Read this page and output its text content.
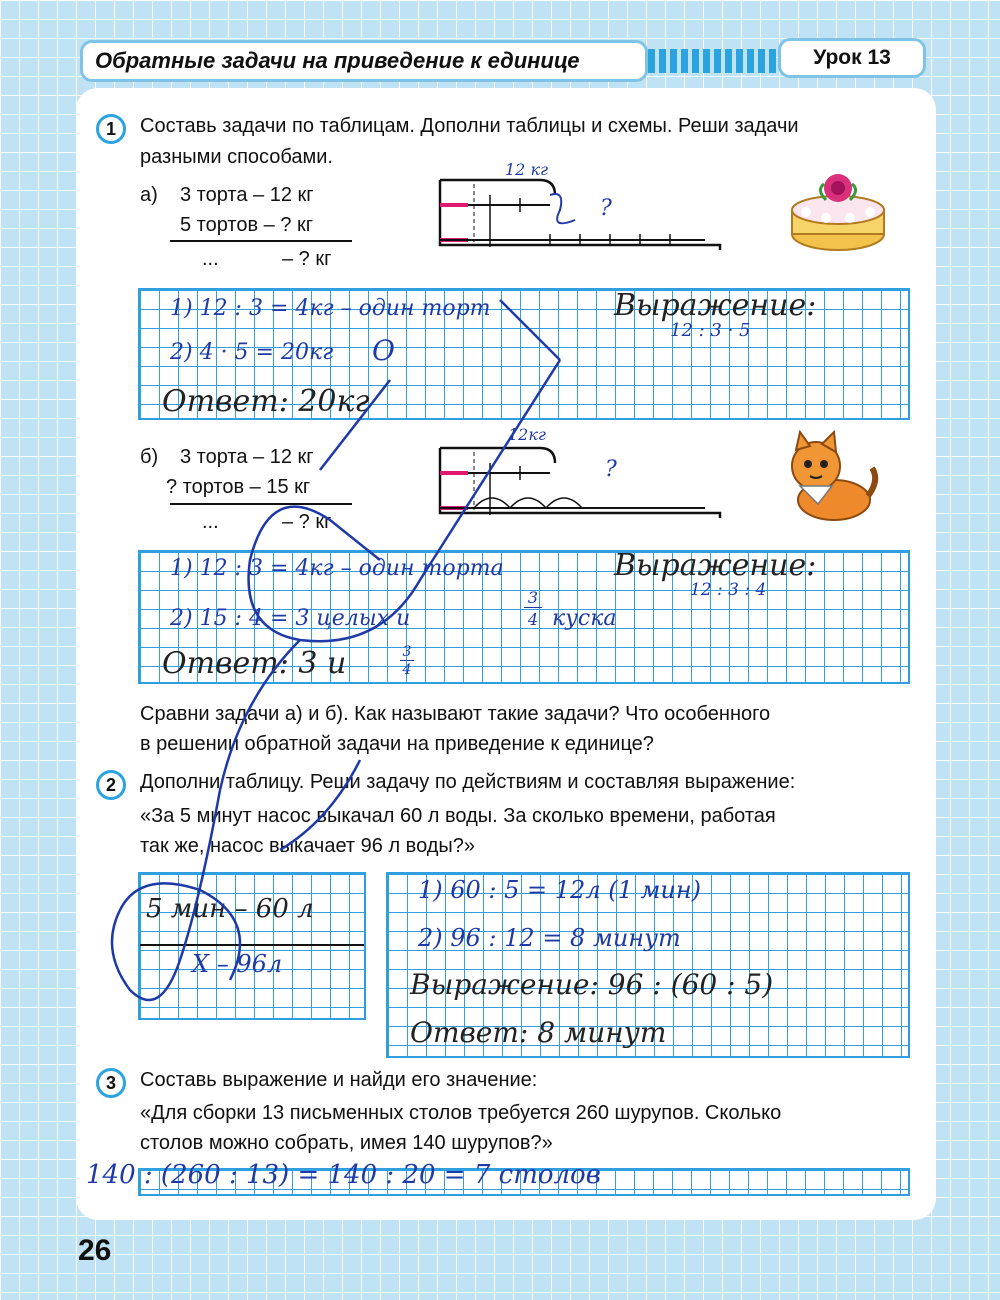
Обратные задачи на приведение к единице	Урок 13
1	Составь задачи по таблицам. Дополни таблицы и схемы. Реши задачи
разными способами.
а) 3 торта – 12 кг
5 тортов – ? кг
...	– ? кг
12 кг
?
1) 12 : 3 = 4кг – один торт	Выражение:
12 : 3 · 5
2) 4 · 5 = 20кг О
Ответ: 20кг
б) 3 торта – 12 кг
? тортов – 15 кг
...	– ? кг
12кг
?
1) 12 : 3 = 4кг – один торта	Выражение:
12 : 3 : 4
2) 15 : 4 = 3 целых и
3
4 куска
Ответ: 3 и	3
4
Сравни задачи а) и б). Как называют такие задачи? Что особенного
в решении обратной задачи на приведение к единице?
2	Дополни таблицу. Реши задачу по действиям и составляя выражение:
«За 5 минут насос выкачал 60 л воды. За сколько времени, работая
так же, насос выкачает 96 л воды?»
5 мин – 60 л
Х – 96л
1) 60 : 5 = 12л (1 мин)
2) 96 : 12 = 8 минут
Выражение: 96 : (60 : 5)
Ответ: 8 минут
3	Составь выражение и найди его значение:
«Для сборки 13 письменных столов требуется 260 шурупов. Сколько
столов можно собрать, имея 140 шурупов?»
140 : (260 : 13) = 140 : 20 = 7 столов
26
